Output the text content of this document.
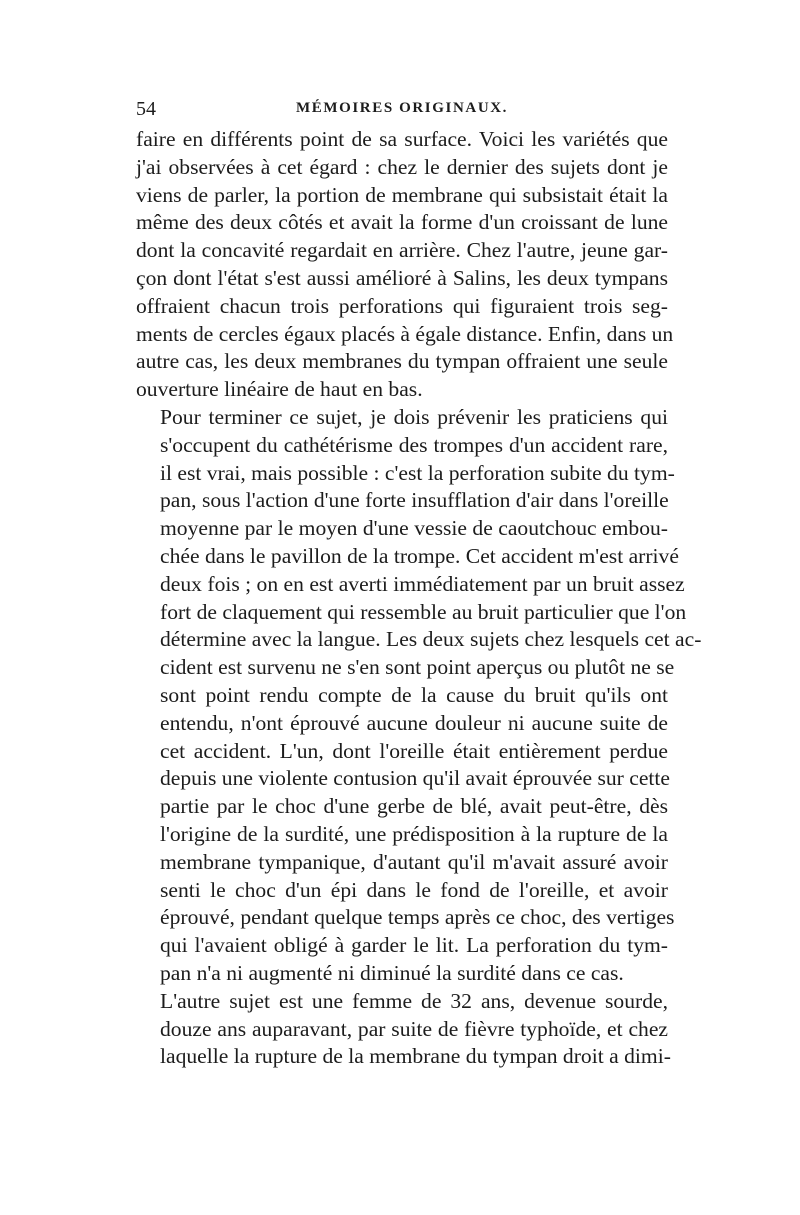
54	MÉMOIRES ORIGINAUX.

faire en différents point de sa surface. Voici les variétés que
j'ai observées à cet égard : chez le dernier des sujets dont je
viens de parler, la portion de membrane qui subsistait était la
même des deux côtés et avait la forme d'un croissant de lune
dont la concavité regardait en arrière. Chez l'autre, jeune gar-
çon dont l'état s'est aussi amélioré à Salins, les deux tympans
offraient chacun trois perforations qui figuraient trois seg-
ments de cercles égaux placés à égale distance. Enfin, dans un
autre cas, les deux membranes du tympan offraient une seule
ouverture linéaire de haut en bas.

Pour terminer ce sujet, je dois prévenir les praticiens qui
s'occupent du cathétérisme des trompes d'un accident rare,
il est vrai, mais possible : c'est la perforation subite du tym-
pan, sous l'action d'une forte insufflation d'air dans l'oreille
moyenne par le moyen d'une vessie de caoutchouc embou-
chée dans le pavillon de la trompe. Cet accident m'est arrivé
deux fois ; on en est averti immédiatement par un bruit assez
fort de claquement qui ressemble au bruit particulier que l'on
détermine avec la langue. Les deux sujets chez lesquels cet ac-
cident est survenu ne s'en sont point aperçus ou plutôt ne se
sont point rendu compte de la cause du bruit qu'ils ont
entendu, n'ont éprouvé aucune douleur ni aucune suite de
cet accident. L'un, dont l'oreille était entièrement perdue
depuis une violente contusion qu'il avait éprouvée sur cette
partie par le choc d'une gerbe de blé, avait peut-être, dès
l'origine de la surdité, une prédisposition à la rupture de la
membrane tympanique, d'autant qu'il m'avait assuré avoir
senti le choc d'un épi dans le fond de l'oreille, et avoir
éprouvé, pendant quelque temps après ce choc, des vertiges
qui l'avaient obligé à garder le lit. La perforation du tym-
pan n'a ni augmenté ni diminué la surdité dans ce cas.

L'autre sujet est une femme de 32 ans, devenue sourde,
douze ans auparavant, par suite de fièvre typhoïde, et chez
laquelle la rupture de la membrane du tympan droit a dimi-
